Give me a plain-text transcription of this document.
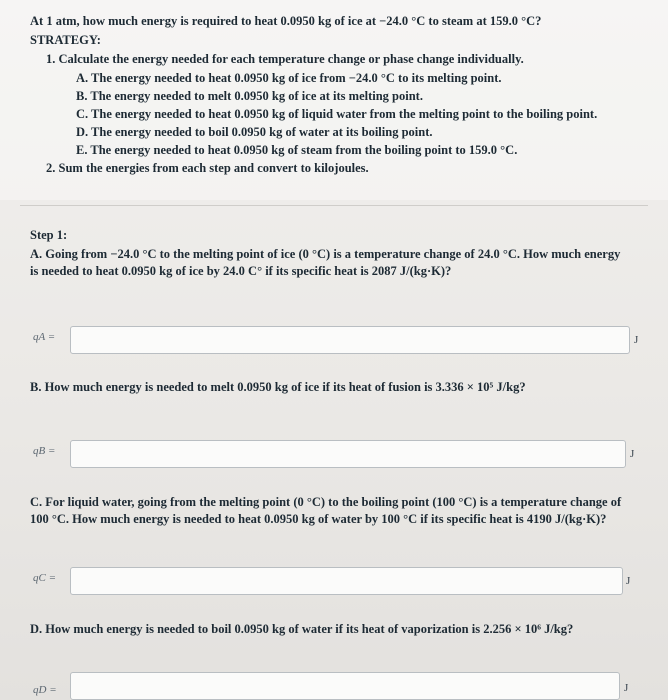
At 1 atm, how much energy is required to heat 0.0950 kg of ice at −24.0 °C to steam at 159.0 °C?
STRATEGY:
1. Calculate the energy needed for each temperature change or phase change individually.
A. The energy needed to heat 0.0950 kg of ice from −24.0 °C to its melting point.
B. The energy needed to melt 0.0950 kg of ice at its melting point.
C. The energy needed to heat 0.0950 kg of liquid water from the melting point to the boiling point.
D. The energy needed to boil 0.0950 kg of water at its boiling point.
E. The energy needed to heat 0.0950 kg of steam from the boiling point to 159.0 °C.
2. Sum the energies from each step and convert to kilojoules.
Step 1:
A. Going from −24.0 °C to the melting point of ice (0 °C) is a temperature change of 24.0 °C. How much energy is needed to heat 0.0950 kg of ice by 24.0 C° if its specific heat is 2087 J/(kg·K)?
qA =	J
B. How much energy is needed to melt 0.0950 kg of ice if its heat of fusion is 3.336 × 10⁵ J/kg?
qB =	J
C. For liquid water, going from the melting point (0 °C) to the boiling point (100 °C) is a temperature change of 100 °C. How much energy is needed to heat 0.0950 kg of water by 100 °C if its specific heat is 4190 J/(kg·K)?
qC =	J
D. How much energy is needed to boil 0.0950 kg of water if its heat of vaporization is 2.256 × 10⁶ J/kg?
qD =	J
